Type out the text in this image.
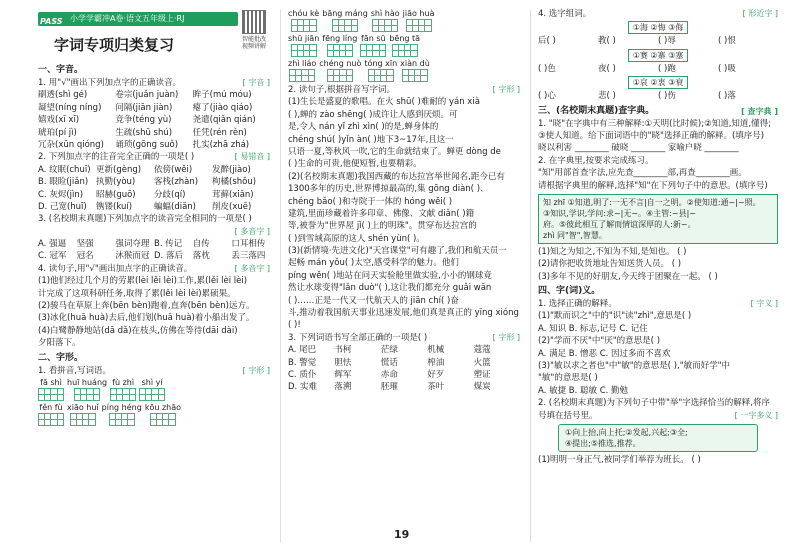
PASS 小学学霸冲A卷·语文五年级上·RJ
字词专项归类复习	智能批改 视频讲解
一、字音。
[ 字音 ]
1. 用"√"画出下列加点字的正确读音。
刷透(shì ɡé)	卷宗(juǎn juàn)	眸子(mú móu)
凝望(níng níng)	问隔(jiān jiàn)	瘪了(jiào qiáo)
嬉戏(xī xī)	竞争(téng yù)	尧遣(qiǎn qián)
琥珀(pí jì)	生疏(shū shú)	任凭(rén rèn)
冗杂(xūn qióng)	诵琐(ɡōnɡ suǒ)	扎实(zhā zhá)
[ 易错音 ]
2. 下列加点字的注音完全正确的一项是( )
A. 纹眠(chuī) 更新(ɡènɡ)	依傍(wěi)	发醉(jiào)
B. 眼睑(jiǎn) 执勤(yòu)	客栈(zhàn)	枸橘(shǒu)
C. 灰烬(jìn)	昭赫(ɡuō)	分歧(qí)	茸藓(xiǎn)
D. 己宽(huī)	镌镂(kuí)	蝙蝠(diān)	削皮(xuē)
3. (名校期末真题)下列加点字的读音完全相同的一项是( )
[ 多音字 ]
A. 强逼	坚强	强词夺理 B. 传记	自传	口耳相传
C. 冠军	冠名	沐猴而冠 D. 落后	落枕	丢三落四
[ 多音字 ]
4. 读句子,用"√"画出加点字的正确读音。
(1)他们经过几个月的劳累(lèi lěi lèi)工作,累(lěi lèi lèi)
计完成了这项科研任务,取得了累(lěi lèi lèi)累硕果。
(2)骏马在草原上奔(bēn bèn)跑着,直奔(bēn bèn)远方。
(3)冰化(huā huà)去后,他们划(huā huà)着小船出发了。
(4)白鹭静静地站(dā dǎ)在枝头,仿佛在等待(dāi dài)
夕阳落下。
二、字形。
[ 字形 ]
1. 看拼音,写词语。
fā shì huī huáng fù zhì shì yí
fěn fù xiāo huǐ píng héng kōu zhāo
chóu kè bāng máng shì hào jiāo huà
shū jiān fēng líng fān sū bēng tā
zhì liáo chéng nuò tóng xīn xiàn dù
[ 字形 ]
2. 读句子,根据拼音写字词。
(1)生长是盛夏的歌唱。在火 shū( )难耐的 yán xià
( ),蝉的 zào shēng( )成许让人感到厌烦。可
是,令人 nán yǐ zhì xìn( )的是,蝉身体的
chéng shú( )yǐn àn( )地下3~17年,且这一
只语一夏,等秋风一吹,它的生命就结束了。蝉更 dòng de
( )生命的可贵,他便短暂,也要精彩。
(2)(名校期末真题)我国西藏的布达拉宫举世闻名,距今已有
1300多年的历史,世界博掠最高的,集 gōng diàn( )、
chéng bǎo( )和寺院于一体的 hóng wěi( )
建筑,里面珍藏着许多印章、佛像、文献 diǎn( )籍
等,被誉为"世界屋 jǐ( )上的明珠"。贯穿布达拉宫的
( )到雪域高原的这人 shén yùn( )。
(3)(新情境·先进文化)"天宫课堂"可有趣了,我们和航天员一
起畅 mán yǒu( )太空,感受科学的魅力。他们
píng wěn( )地站在问天实验舱里做实验,小小的钢球竟
然让水球变得"lǎn duò"( ),这让我们都充分 guǎi wān
( )……正是一代又一代航天人的 jiān chí( )奋
斗,推动着我国航天事业迅速发展,他们真是真正的 yīng xióng
( )!
[ 字形 ]
3. 下列词语书写全部正确的一项是( )
A. 尾巴	书柯	茫绿	机械	蔻蔻
B. 警觉	胆怯	慌话	榨油	火篮
C. 质仆	辉军	赤命	好歹	塑证
D. 实难	落溯	胚璀	茶叶	煤炭
[ 形近字 ]
4. 选字组词。
①海 ②悔 ③侮
后( )	教( )	( )辱	( )恨
①赛 ②寨 ③塞
( )色	夜( )	( )跑	( )吸
①哀 ②衷 ③衰
( )心	悲( )	( )伤	( )落
[ 查字典 ]
三、(名校期末真题)查字典。
1. "晓"在字典中有三种解释:①天明(比时候);②知道,知道,懂得;
③使人知道。给下面词语中的"晓"选择正确的解释。(填序号)
晓以利害 ________ 破晓 ________ 家喻户晓 ________
2. 在字典里,按要求完成练习。
"知"用部首查字法,应先查________部,再查________画。
请根据字典里的解释,选择"知"在下列句子中的意思。(填序号)
知 zhī ①知道,明了:一无不言|自一之明。②使知道:通~|~照。
③知识,学识,学问:求~|无~。④主管:~县|~
府。⑤彼此相互了解而情谊深厚的人:新~。
zhì 同"智",智慧。
(1)知之为知之,不知为不知,是知也。 ( )
(2)请你把收货地址告知送货人员。 ( )
(3)多年不见的好朋友,今天终于团聚在一起。 ( )
四、字(词)义。
[ 字义 ]
1. 选择正确的解释。
(1)"默而识之"中的"识"读"zhì",意思是( )
A. 知识 B. 标志,记号 C. 记住
(2)"学而不厌"中"厌"的意思是( )
A. 满足 B. 憎恶 C. 因过多而不喜欢
(3)"敏以求之者也"中"敏"的意思是( ),"敏而好学"中
"敏"的意思是( )
A. 敏捷 B. 聪敏 C. 勤勉
2. (名校期末真题)为下列句子中带"举"字选择恰当的解释,将序
[ 一字多义 ]
号填在括号里。
①向上抬,向上托;②发起,兴起;③全;
④提出;⑤推选,推荐。
(1)明明一身正气,被同学们举荐为班长。 ( )
19
